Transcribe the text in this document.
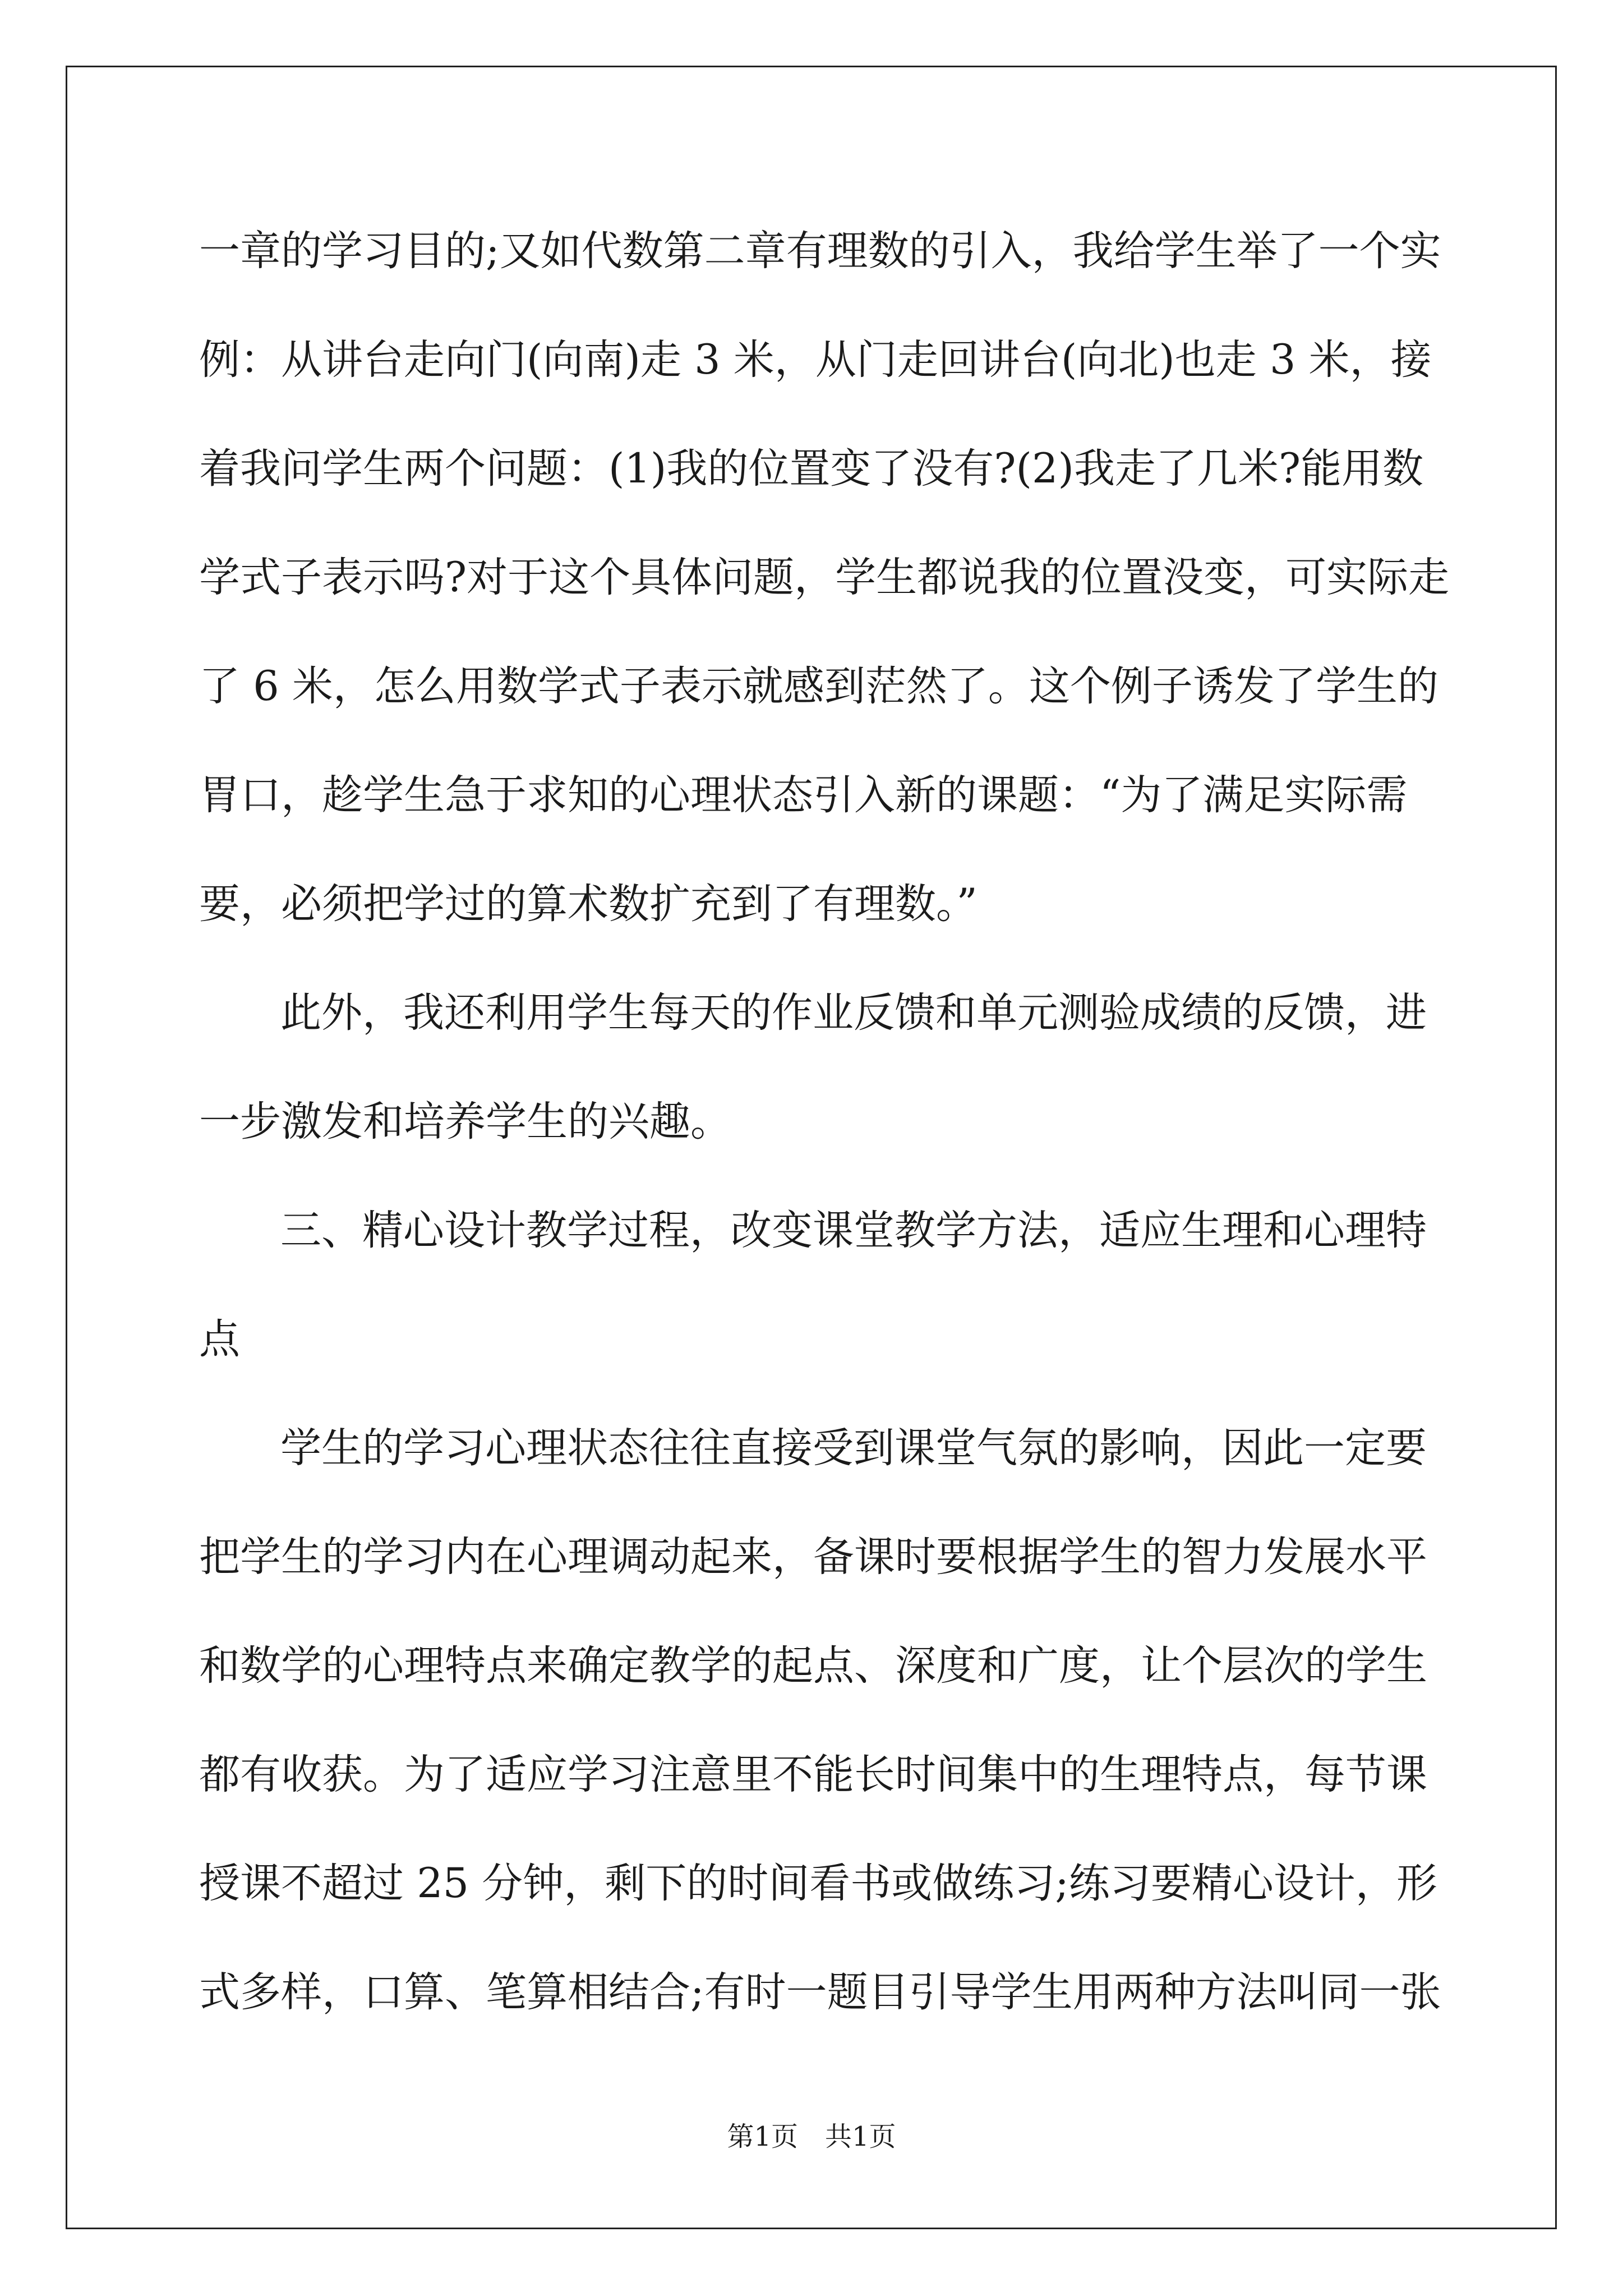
一章的学习目的;又如代数第二章有理数的引入，我给学生举了一个实
例：从讲台走向门(向南)走 3 米，从门走回讲台(向北)也走 3 米，接
着我问学生两个问题：(1)我的位置变了没有?(2)我走了几米?能用数
学式子表示吗?对于这个具体问题，学生都说我的位置没变，可实际走
了 6 米，怎么用数学式子表示就感到茫然了。这个例子诱发了学生的
胃口，趁学生急于求知的心理状态引入新的课题：“为了满足实际需
要，必须把学过的算术数扩充到了有理数。”
此外，我还利用学生每天的作业反馈和单元测验成绩的反馈，进
一步激发和培养学生的兴趣。
三、精心设计教学过程，改变课堂教学方法，适应生理和心理特
点
学生的学习心理状态往往直接受到课堂气氛的影响，因此一定要
把学生的学习内在心理调动起来，备课时要根据学生的智力发展水平
和数学的心理特点来确定教学的起点、深度和广度，让个层次的学生
都有收获。为了适应学习注意里不能长时间集中的生理特点，每节课
授课不超过 25 分钟，剩下的时间看书或做练习;练习要精心设计，形
式多样，口算、笔算相结合;有时一题目引导学生用两种方法叫同一张
第1页　共1页
